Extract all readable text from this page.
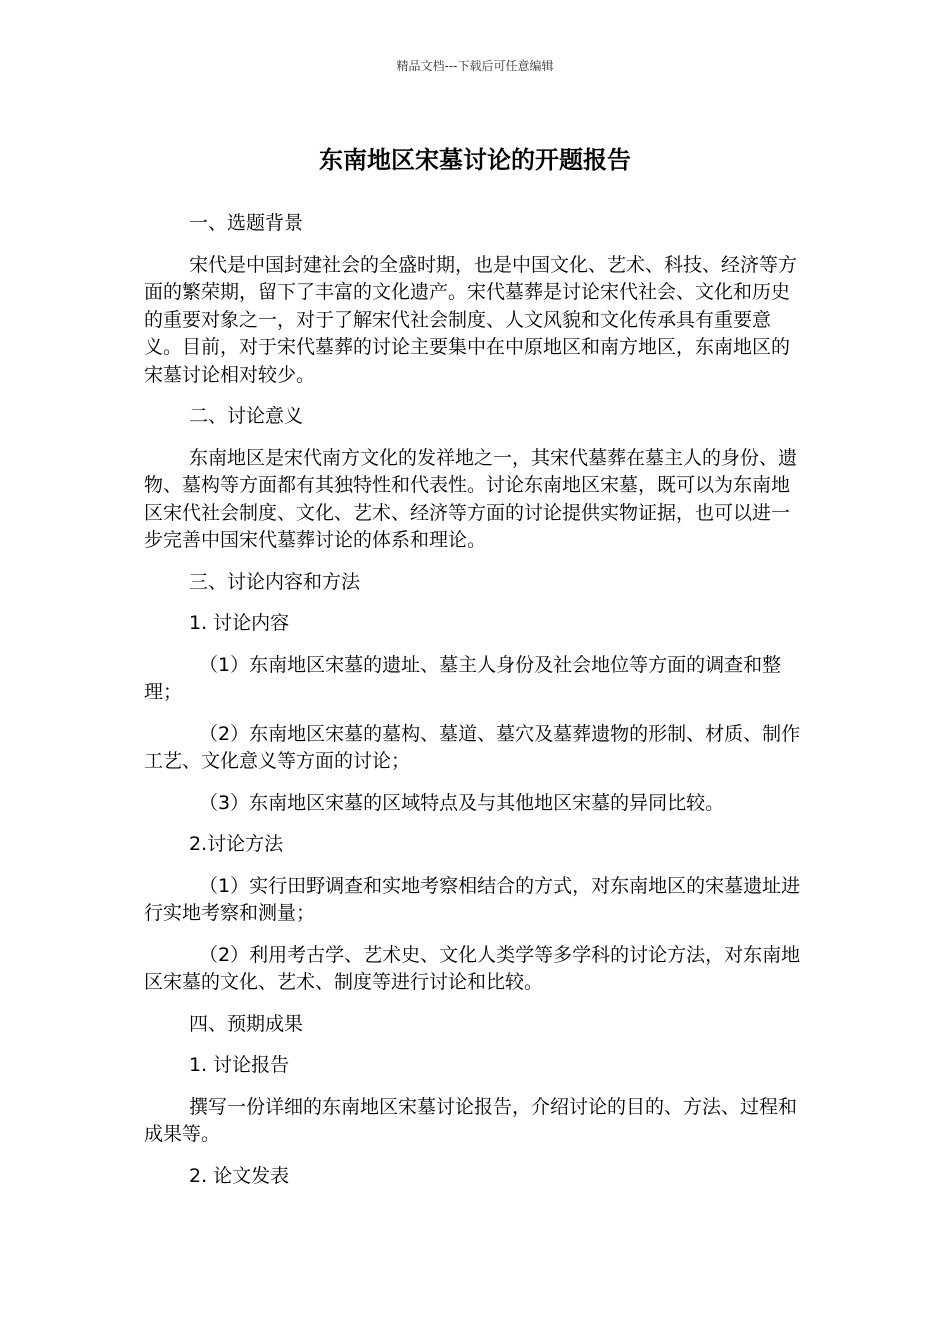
精品文档---下载后可任意编辑
东南地区宋墓讨论的开题报告

一、选题背景

宋代是中国封建社会的全盛时期，也是中国文化、艺术、科技、经济等方面的繁荣期，留下了丰富的文化遗产。宋代墓葬是讨论宋代社会、文化和历史的重要对象之一，对于了解宋代社会制度、人文风貌和文化传承具有重要意义。目前，对于宋代墓葬的讨论主要集中在中原地区和南方地区，东南地区的宋墓讨论相对较少。

二、讨论意义

东南地区是宋代南方文化的发祥地之一，其宋代墓葬在墓主人的身份、遗物、墓构等方面都有其独特性和代表性。讨论东南地区宋墓，既可以为东南地区宋代社会制度、文化、艺术、经济等方面的讨论提供实物证据，也可以进一步完善中国宋代墓葬讨论的体系和理论。

三、讨论内容和方法

1. 讨论内容

（1）东南地区宋墓的遗址、墓主人身份及社会地位等方面的调查和整理；

（2）东南地区宋墓的墓构、墓道、墓穴及墓葬遗物的形制、材质、制作工艺、文化意义等方面的讨论；

（3）东南地区宋墓的区域特点及与其他地区宋墓的异同比较。

2.讨论方法

（1）实行田野调查和实地考察相结合的方式，对东南地区的宋墓遗址进行实地考察和测量；

（2）利用考古学、艺术史、文化人类学等多学科的讨论方法，对东南地区宋墓的文化、艺术、制度等进行讨论和比较。

四、预期成果

1. 讨论报告

撰写一份详细的东南地区宋墓讨论报告，介绍讨论的目的、方法、过程和成果等。

2. 论文发表
